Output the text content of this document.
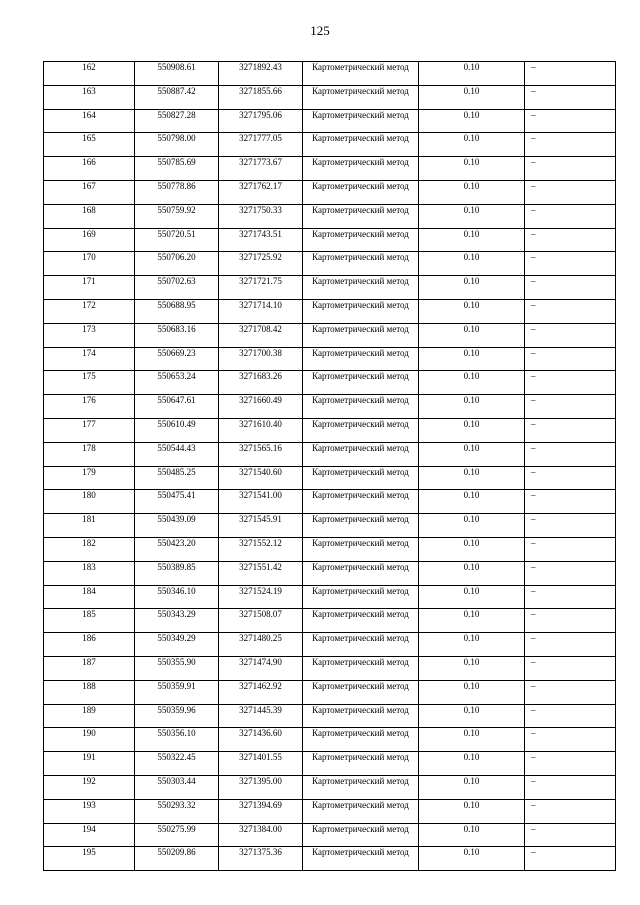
125
162	550908.61	3271892.43	Картометрический метод	0.10	–
163	550887.42	3271855.66	Картометрический метод	0.10	–
164	550827.28	3271795.06	Картометрический метод	0.10	–
165	550798.00	3271777.05	Картометрический метод	0.10	–
166	550785.69	3271773.67	Картометрический метод	0.10	–
167	550778.86	3271762.17	Картометрический метод	0.10	–
168	550759.92	3271750.33	Картометрический метод	0.10	–
169	550720.51	3271743.51	Картометрический метод	0.10	–
170	550706.20	3271725.92	Картометрический метод	0.10	–
171	550702.63	3271721.75	Картометрический метод	0.10	–
172	550688.95	3271714.10	Картометрический метод	0.10	–
173	550683.16	3271708.42	Картометрический метод	0.10	–
174	550669.23	3271700.38	Картометрический метод	0.10	–
175	550653.24	3271683.26	Картометрический метод	0.10	–
176	550647.61	3271660.49	Картометрический метод	0.10	–
177	550610.49	3271610.40	Картометрический метод	0.10	–
178	550544.43	3271565.16	Картометрический метод	0.10	–
179	550485.25	3271540.60	Картометрический метод	0.10	–
180	550475.41	3271541.00	Картометрический метод	0.10	–
181	550439.09	3271545.91	Картометрический метод	0.10	–
182	550423.20	3271552.12	Картометрический метод	0.10	–
183	550389.85	3271551.42	Картометрический метод	0.10	–
184	550346.10	3271524.19	Картометрический метод	0.10	–
185	550343.29	3271508.07	Картометрический метод	0.10	–
186	550349.29	3271480.25	Картометрический метод	0.10	–
187	550355.90	3271474.90	Картометрический метод	0.10	–
188	550359.91	3271462.92	Картометрический метод	0.10	–
189	550359.96	3271445.39	Картометрический метод	0.10	–
190	550356.10	3271436.60	Картометрический метод	0.10	–
191	550322.45	3271401.55	Картометрический метод	0.10	–
192	550303.44	3271395.00	Картометрический метод	0.10	–
193	550293.32	3271394.69	Картометрический метод	0.10	–
194	550275.99	3271384.00	Картометрический метод	0.10	–
195	550209.86	3271375.36	Картометрический метод	0.10	–
